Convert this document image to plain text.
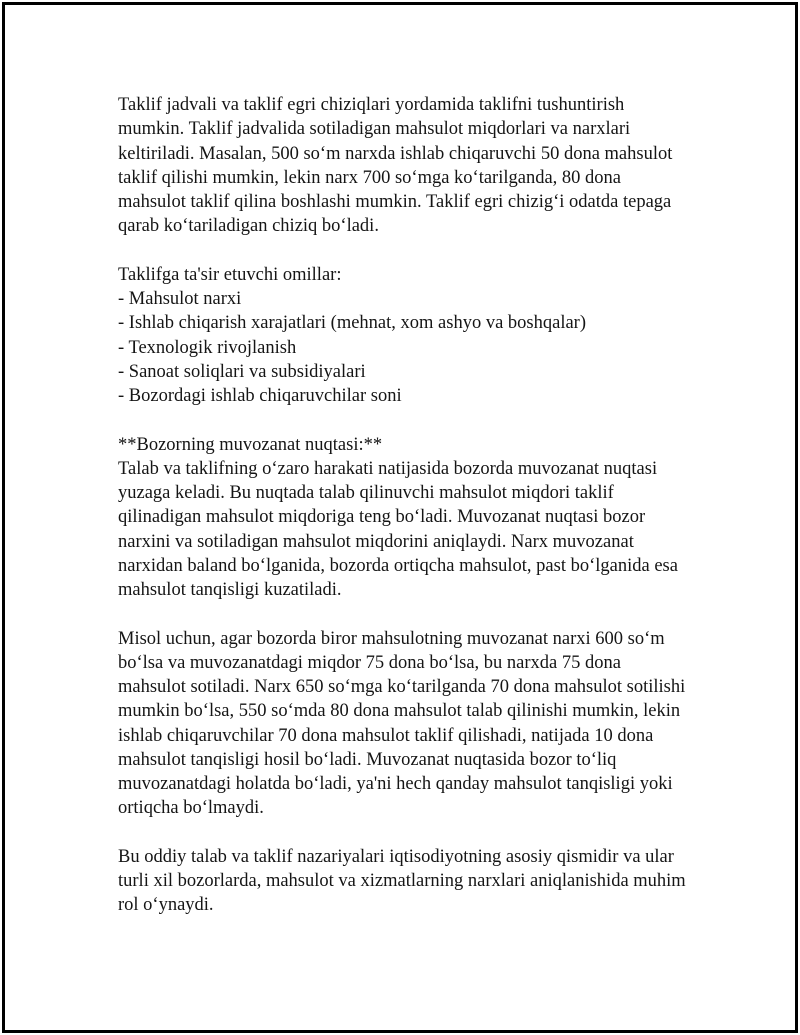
Taklif jadvali va taklif egri chiziqlari yordamida taklifni tushuntirish
mumkin. Taklif jadvalida sotiladigan mahsulot miqdorlari va narxlari
keltiriladi. Masalan, 500 so‘m narxda ishlab chiqaruvchi 50 dona mahsulot
taklif qilishi mumkin, lekin narx 700 so‘mga ko‘tarilganda, 80 dona
mahsulot taklif qilina boshlashi mumkin. Taklif egri chizig‘i odatda tepaga
qarab ko‘tariladigan chiziq bo‘ladi.
Taklifga ta'sir etuvchi omillar:
- Mahsulot narxi
- Ishlab chiqarish xarajatlari (mehnat, xom ashyo va boshqalar)
- Texnologik rivojlanish
- Sanoat soliqlari va subsidiyalari
- Bozordagi ishlab chiqaruvchilar soni
**Bozorning muvozanat nuqtasi:**
Talab va taklifning o‘zaro harakati natijasida bozorda muvozanat nuqtasi
yuzaga keladi. Bu nuqtada talab qilinuvchi mahsulot miqdori taklif
qilinadigan mahsulot miqdoriga teng bo‘ladi. Muvozanat nuqtasi bozor
narxini va sotiladigan mahsulot miqdorini aniqlaydi. Narx muvozanat
narxidan baland bo‘lganida, bozorda ortiqcha mahsulot, past bo‘lganida esa
mahsulot tanqisligi kuzatiladi.
Misol uchun, agar bozorda biror mahsulotning muvozanat narxi 600 so‘m
bo‘lsa va muvozanatdagi miqdor 75 dona bo‘lsa, bu narxda 75 dona
mahsulot sotiladi. Narx 650 so‘mga ko‘tarilganda 70 dona mahsulot sotilishi
mumkin bo‘lsa, 550 so‘mda 80 dona mahsulot talab qilinishi mumkin, lekin
ishlab chiqaruvchilar 70 dona mahsulot taklif qilishadi, natijada 10 dona
mahsulot tanqisligi hosil bo‘ladi. Muvozanat nuqtasida bozor to‘liq
muvozanatdagi holatda bo‘ladi, ya'ni hech qanday mahsulot tanqisligi yoki
ortiqcha bo‘lmaydi.
Bu oddiy talab va taklif nazariyalari iqtisodiyotning asosiy qismidir va ular
turli xil bozorlarda, mahsulot va xizmatlarning narxlari aniqlanishida muhim
rol o‘ynaydi.
